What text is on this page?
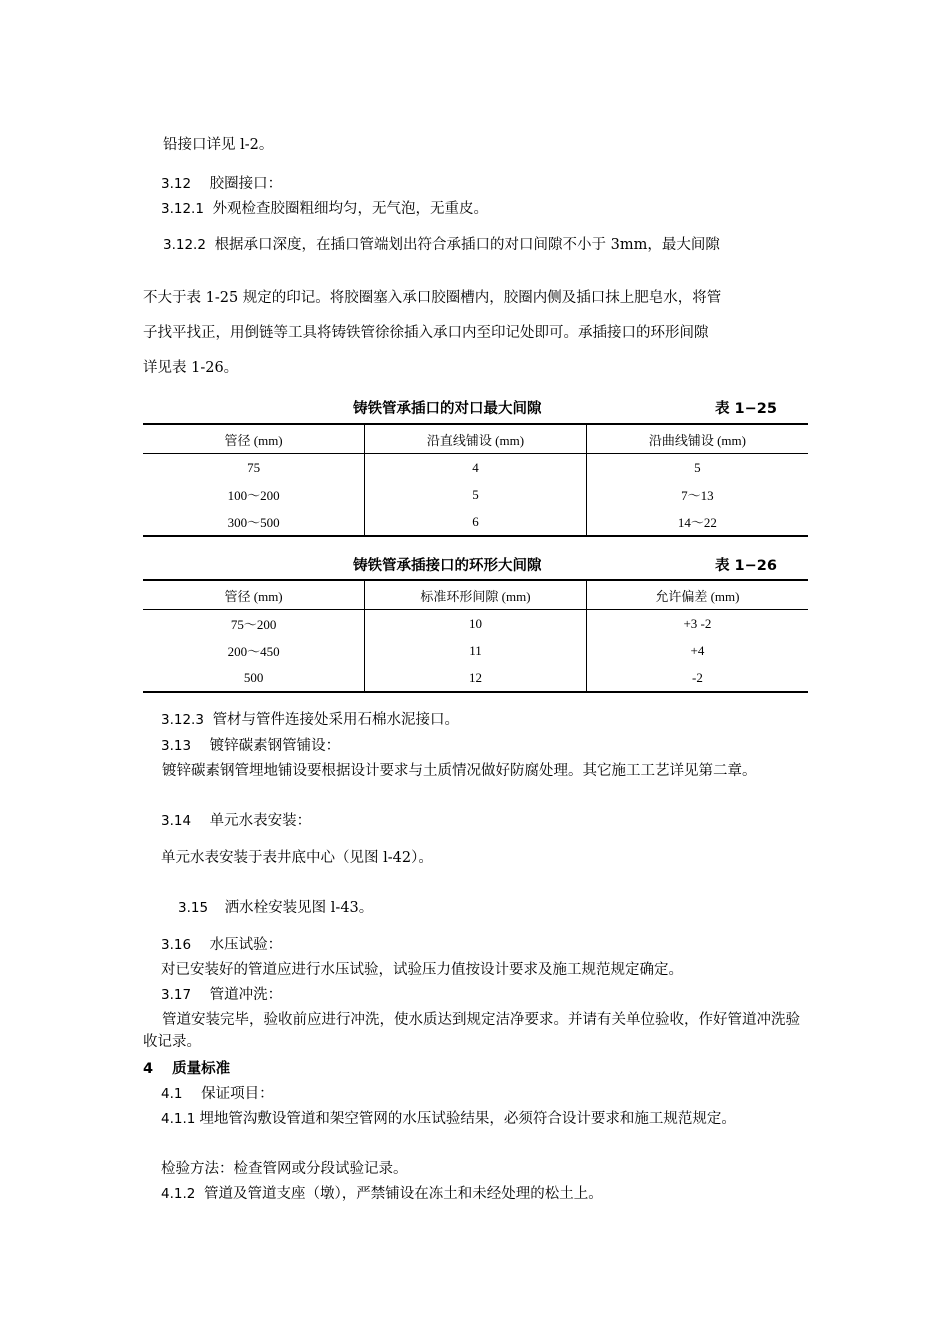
铅接口详见 l-2。
3.12 胶圈接口：
3.12.1 外观检查胶圈粗细均匀，无气泡，无重皮。
3.12.2 根据承口深度，在插口管端划出符合承插口的对口间隙不小于 3mm，最大间隙
不大于表 1-25 规定的印记。将胶圈塞入承口胶圈槽内，胶圈内侧及插口抹上肥皂水，将管
子找平找正，用倒链等工具将铸铁管徐徐插入承口内至印记处即可。承插接口的环形间隙
详见表 1-26。
铸铁管承插口的对口最大间隙	表 1−25
管径 (mm)	沿直线铺设 (mm)	沿曲线铺设 (mm)
75	4	5
100～200	5	7～13
300～500	6	14～22
铸铁管承插接口的环形大间隙	表 1−26
管径 (mm)	标准环形间隙 (mm)	允许偏差 (mm)
75～200	10	+3 -2
200～450	11	+4
500	12	-2
3.12.3 管材与管件连接处采用石棉水泥接口。
3.13 镀锌碳素钢管铺设：
镀锌碳素钢管埋地铺设要根据设计要求与土质情况做好防腐处理。其它施工工艺详见第二章。
3.14 单元水表安装：
单元水表安装于表井底中心（见图 l-42）。
3.15 洒水栓安装见图 l-43。
3.16 水压试验：
对已安装好的管道应进行水压试验，试验压力值按设计要求及施工规范规定确定。
3.17 管道冲洗：
管道安装完毕，验收前应进行冲洗，使水质达到规定洁净要求。并请有关单位验收，作好管道冲洗验收记录。
4 质量标准
4.1 保证项目：
4.1.1 埋地管沟敷设管道和架空管网的水压试验结果，必须符合设计要求和施工规范规定。
检验方法：检查管网或分段试验记录。
4.1.2 管道及管道支座（墩），严禁铺设在冻土和未经处理的松土上。
